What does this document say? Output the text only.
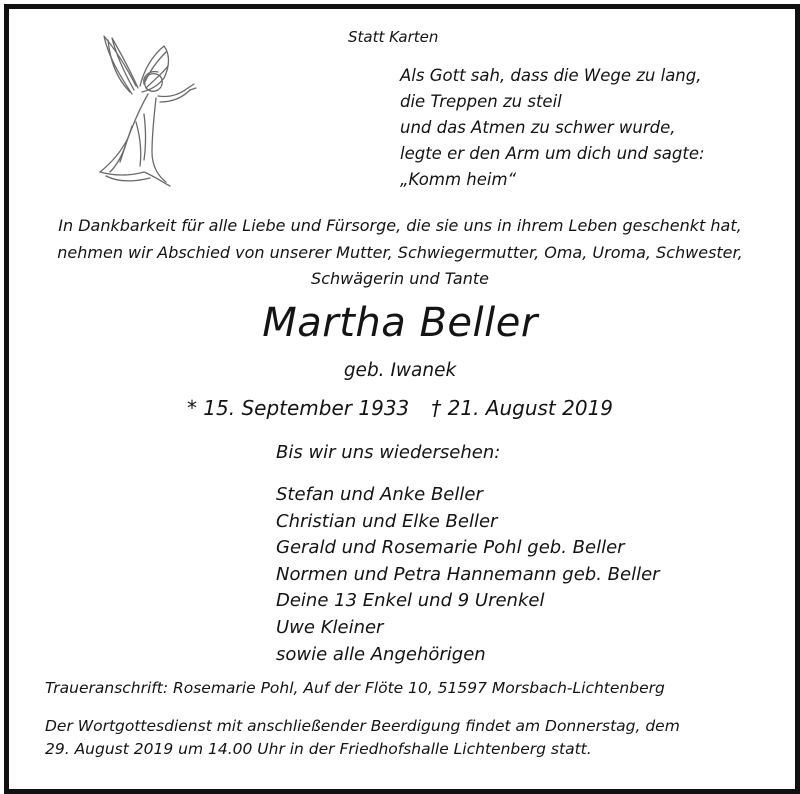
Statt Karten
Als Gott sah, dass die Wege zu lang,
die Treppen zu steil
und das Atmen zu schwer wurde,
legte er den Arm um dich und sagte:
„Komm heim“
In Dankbarkeit für alle Liebe und Fürsorge, die sie uns in ihrem Leben geschenkt hat,
nehmen wir Abschied von unserer Mutter, Schwiegermutter, Oma, Uroma, Schwester,
Schwägerin und Tante
Martha Beller
geb. Iwanek
* 15. September 1933 † 21. August 2019
Bis wir uns wiedersehen:
Stefan und Anke Beller
Christian und Elke Beller
Gerald und Rosemarie Pohl geb. Beller
Normen und Petra Hannemann geb. Beller
Deine 13 Enkel und 9 Urenkel
Uwe Kleiner
sowie alle Angehörigen
Traueranschrift: Rosemarie Pohl, Auf der Flöte 10, 51597 Morsbach-Lichtenberg
Der Wortgottesdienst mit anschließender Beerdigung findet am Donnerstag, dem
29. August 2019 um 14.00 Uhr in der Friedhofshalle Lichtenberg statt.
